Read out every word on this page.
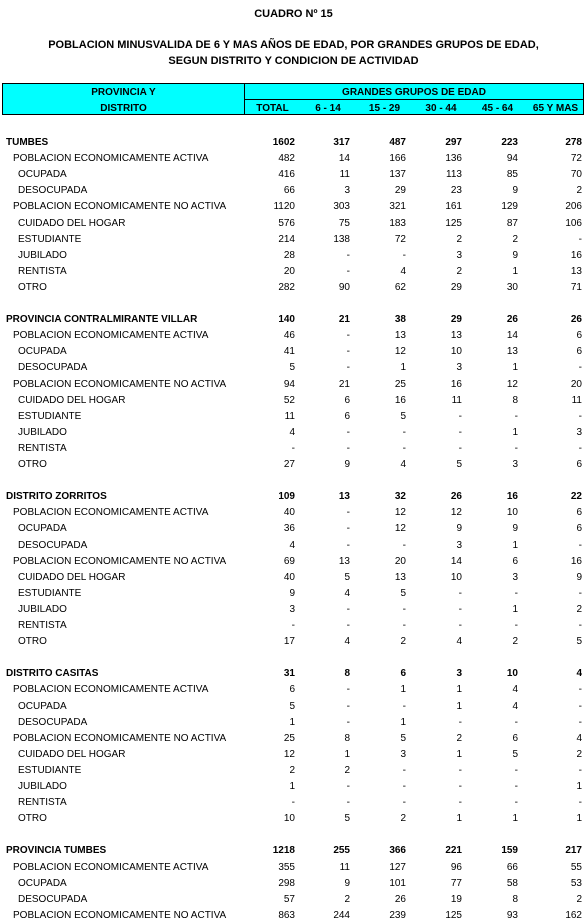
CUADRO Nº 15
POBLACION MINUSVALIDA DE 6 Y MAS AÑOS DE EDAD, POR GRANDES GRUPOS DE EDAD,
SEGUN DISTRITO Y CONDICION DE ACTIVIDAD
PROVINCIA Y
DISTRITO
GRANDES GRUPOS DE EDAD
TOTAL	6 - 14	15 - 29	30 - 44	45 - 64	65 Y MAS
TUMBES	1602	317	487	297	223	278
POBLACION ECONOMICAMENTE ACTIVA	482	14	166	136	94	72
OCUPADA	416	11	137	113	85	70
DESOCUPADA	66	3	29	23	9	2
POBLACION ECONOMICAMENTE NO ACTIVA	1120	303	321	161	129	206
CUIDADO DEL HOGAR	576	75	183	125	87	106
ESTUDIANTE	214	138	72	2	2	-
JUBILADO	28	-	-	3	9	16
RENTISTA	20	-	4	2	1	13
OTRO	282	90	62	29	30	71
PROVINCIA CONTRALMIRANTE VILLAR	140	21	38	29	26	26
POBLACION ECONOMICAMENTE ACTIVA	46	-	13	13	14	6
OCUPADA	41	-	12	10	13	6
DESOCUPADA	5	-	1	3	1	-
POBLACION ECONOMICAMENTE NO ACTIVA	94	21	25	16	12	20
CUIDADO DEL HOGAR	52	6	16	11	8	11
ESTUDIANTE	11	6	5	-	-	-
JUBILADO	4	-	-	-	1	3
RENTISTA	-	-	-	-	-	-
OTRO	27	9	4	5	3	6
DISTRITO ZORRITOS	109	13	32	26	16	22
POBLACION ECONOMICAMENTE ACTIVA	40	-	12	12	10	6
OCUPADA	36	-	12	9	9	6
DESOCUPADA	4	-	-	3	1	-
POBLACION ECONOMICAMENTE NO ACTIVA	69	13	20	14	6	16
CUIDADO DEL HOGAR	40	5	13	10	3	9
ESTUDIANTE	9	4	5	-	-	-
JUBILADO	3	-	-	-	1	2
RENTISTA	-	-	-	-	-	-
OTRO	17	4	2	4	2	5
DISTRITO CASITAS	31	8	6	3	10	4
POBLACION ECONOMICAMENTE ACTIVA	6	-	1	1	4	-
OCUPADA	5	-	-	1	4	-
DESOCUPADA	1	-	1	-	-	-
POBLACION ECONOMICAMENTE NO ACTIVA	25	8	5	2	6	4
CUIDADO DEL HOGAR	12	1	3	1	5	2
ESTUDIANTE	2	2	-	-	-	-
JUBILADO	1	-	-	-	-	1
RENTISTA	-	-	-	-	-	-
OTRO	10	5	2	1	1	1
PROVINCIA TUMBES	1218	255	366	221	159	217
POBLACION ECONOMICAMENTE ACTIVA	355	11	127	96	66	55
OCUPADA	298	9	101	77	58	53
DESOCUPADA	57	2	26	19	8	2
POBLACION ECONOMICAMENTE NO ACTIVA	863	244	239	125	93	162
